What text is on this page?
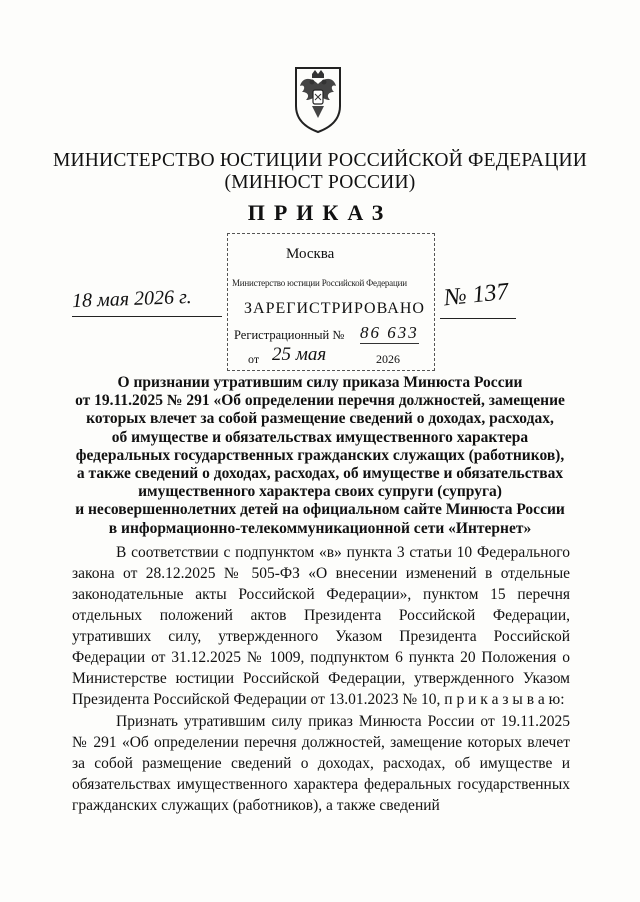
МИНИСТЕРСТВО ЮСТИЦИИ РОССИЙСКОЙ ФЕДЕРАЦИИ
(МИНЮСТ РОССИИ)
ПРИКАЗ
Москва
Министерство юстиции Российской Федерации
ЗАРЕГИСТРИРОВАНО
Регистрационный № 86 633
от 25 мая	2026
18 мая 2026 г.	№ 137
О признании утратившим силу приказа Минюста России
от 19.11.2025 № 291 «Об определении перечня должностей, замещение
которых влечет за собой размещение сведений о доходах, расходах,
об имуществе и обязательствах имущественного характера
федеральных государственных гражданских служащих (работников),
а также сведений о доходах, расходах, об имуществе и обязательствах
имущественного характера своих супруги (супруга)
и несовершеннолетних детей на официальном сайте Минюста России
в информационно-телекоммуникационной сети «Интернет»

В соответствии с подпунктом «в» пункта 3 статьи 10 Федерального закона от 28.12.2025 № 505-ФЗ «О внесении изменений в отдельные законодательные акты Российской Федерации», пунктом 15 перечня отдельных положений актов Президента Российской Федерации, утративших силу, утвержденного Указом Президента Российской Федерации от 31.12.2025 № 1009, подпунктом 6 пункта 20 Положения о Министерстве юстиции Российской Федерации, утвержденного Указом Президента Российской Федерации от 13.01.2023 № 10, п р и к а з ы в а ю:

Признать утратившим силу приказ Минюста России от 19.11.2025 № 291 «Об определении перечня должностей, замещение которых влечет за собой размещение сведений о доходах, расходах, об имуществе и обязательствах имущественного характера федеральных государственных гражданских служащих (работников), а также сведений
